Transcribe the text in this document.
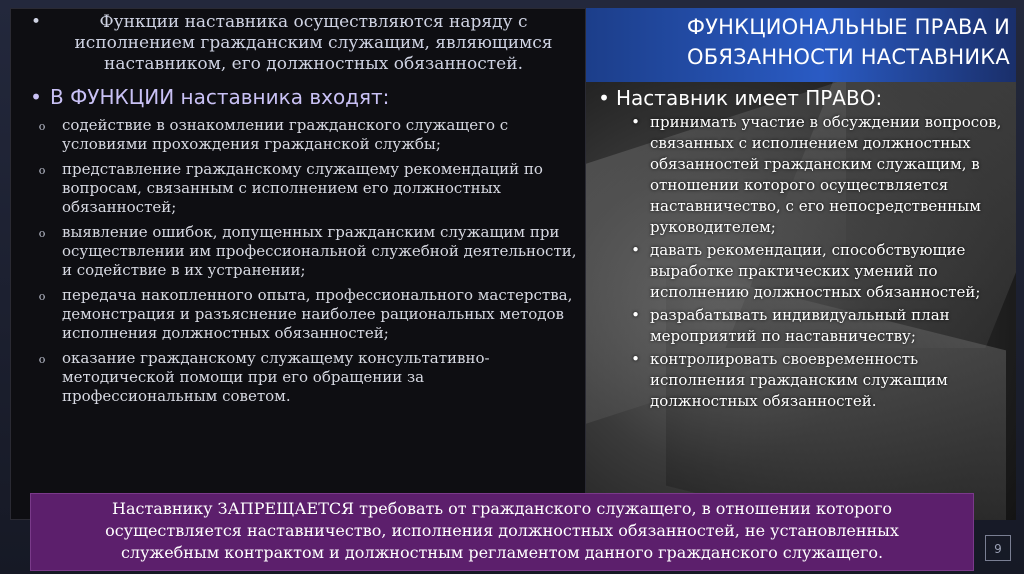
ФУНКЦИОНАЛЬНЫЕ ПРАВА И
ОБЯЗАННОСТИ НАСТАВНИКА
•	Функции наставника осуществляются наряду с исполнением гражданским служащим, являющимся наставником, его должностных обязанностей.
• В ФУНКЦИИ наставника входят:
o	содействие в ознакомлении гражданского служащего с условиями прохождения гражданской службы;
o	представление гражданскому служащему рекомендаций по вопросам, связанным с исполнением его должностных обязанностей;
o	выявление ошибок, допущенных гражданским служащим при осуществлении им профессиональной служебной деятельности, и содействие в их устранении;
o	передача накопленного опыта, профессионального мастерства, демонстрация и разъяснение наиболее рациональных методов исполнения должностных обязанностей;
o	оказание гражданскому служащему консультативно-методической помощи при его обращении за профессиональным советом.
• Наставник имеет ПРАВО:
• принимать участие в обсуждении вопросов, связанных с исполнением должностных обязанностей гражданским служащим, в отношении которого осуществляется наставничество, с его непосредственным руководителем;
• давать рекомендации, способствующие выработке практических умений по исполнению должностных обязанностей;
• разрабатывать индивидуальный план мероприятий по наставничеству;
• контролировать своевременность исполнения гражданским служащим должностных обязанностей.
Наставнику ЗАПРЕЩАЕТСЯ требовать от гражданского служащего, в отношении которого осуществляется наставничество, исполнения должностных обязанностей, не установленных служебным контрактом и должностным регламентом данного гражданского служащего.	9
